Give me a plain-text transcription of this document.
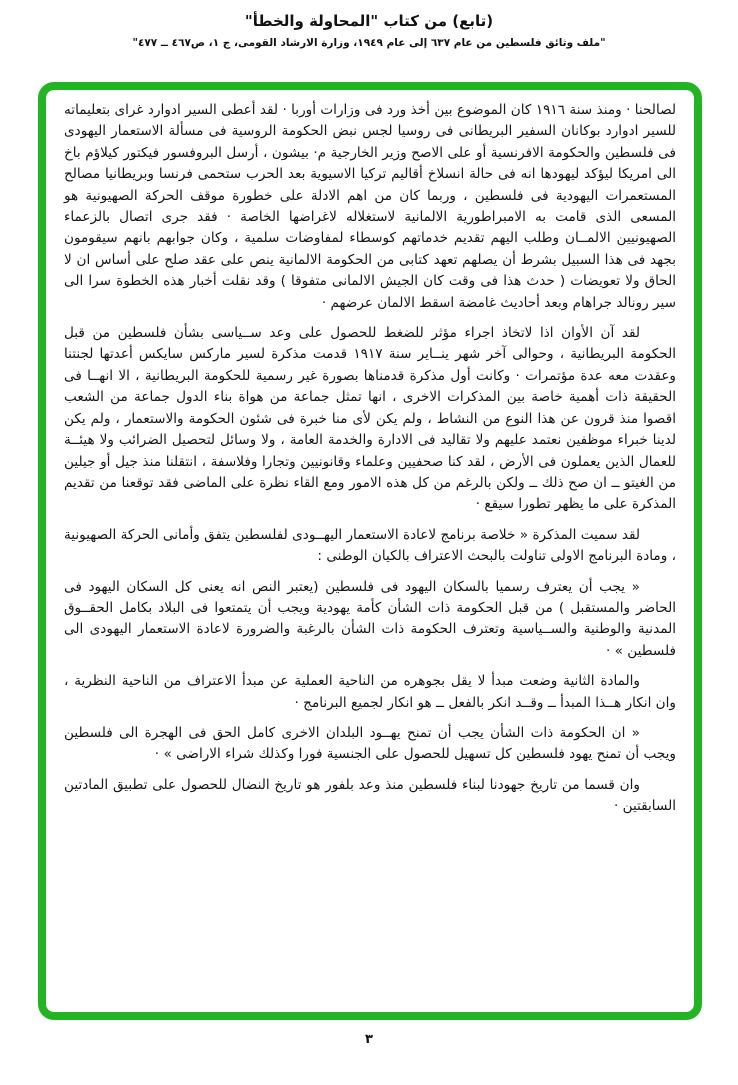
(تابع) من كتاب "المحاولة والخطأ"
"ملف وثائق فلسطين من عام ٦٣٧ إلى عام ١٩٤٩، وزارة الارشاد القومى، ج ١، ص٤٦٧ ــ ٤٧٧"

لصالحنا · ومنذ سنة ١٩١٦ كان الموضوع بين أخذ ورد فى وزارات أوربا · لقد أعطى السير ادوارد غراى بتعليماته للسير ادوارد بوكانان السفير البريطانى فى روسيا لجس نبض الحكومة الروسية فى مسألة الاستعمار اليهودى فى فلسطين والحكومة الافرنسية أو على الاصح وزير الخارجية م· بيشون ، أرسل البروفسور فيكتور كيلاؤم باخ الى امريكا ليؤكد ليهودها انه فى حالة انسلاخ أقاليم تركيا الاسيوية بعد الحرب ستحمى فرنسا وبريطانيا مصالح المستعمرات اليهودية فى فلسطين ، وربما كان من اهم الادلة على خطورة موقف الحركة الصهيونية هو المسعى الذى قامت به الامبراطورية الالمانية لاستغلاله لاغراضها الخاصة · فقد جرى اتصال بالزعماء الصهيونيين الالمــان وطلب اليهم تقديم خدماتهم كوسطاء لمفاوضات سلمية ، وكان جوابهم بانهم سيقومون بجهد فى هذا السبيل بشرط أن يصلهم تعهد كتابى من الحكومة الالمانية ينص على عقد صلح على أساس ان لا الحاق ولا تعويضات ( حدث هذا فى وقت كان الجيش الالمانى متفوقا ) وقد نقلت أخبار هذه الخطوة سرا الى سير رونالد جراهام وبعد أحاديث غامضة اسقط الالمان عرضهم ·

لقد آن الأوان اذا لاتخاذ اجراء مؤثر للضغط للحصول على وعد ســياسى بشأن فلسطين من قبل الحكومة البريطانية ، وحوالى آخر شهر ينــاير سنة ١٩١٧ قدمت مذكرة لسير ماركس سايكس أعدتها لجنتنا وعقدت معه عدة مؤتمرات · وكانت أول مذكرة قدمناها بصورة غير رسمية للحكومة البريطانية ، الا انهــا فى الحقيقة ذات أهمية خاصة بين المذكرات الاخرى ، انها تمثل جماعة من هواة بناء الدول جماعة من الشعب اقصوا منذ قرون عن هذا النوع من النشاط ، ولم يكن لأى منا خبرة فى شئون الحكومة والاستعمار ، ولم يكن لدينا خبراء موظفين نعتمد عليهم ولا تقاليد فى الادارة والخدمة العامة ، ولا وسائل لتحصيل الضرائب ولا هيئــة للعمال الذين يعملون فى الأرض ، لقد كنا صحفيين وعلماء وقانونيين وتجارا وفلاسفة ، انتقلنا منذ جيل أو جيلين من الغيتو ــ ان صح ذلك ــ ولكن بالرغم من كل هذه الامور ومع القاء نظرة على الماضى فقد توقعنا من تقديم المذكرة على ما يظهر تطورا سيقع ·

لقد سميت المذكرة « خلاصة برنامج لاعادة الاستعمار اليهــودى لفلسطين يتفق وأمانى الحركة الصهيونية ، ومادة البرنامج الاولى تناولت بالبحث الاعتراف بالكيان الوطنى :

« يجب أن يعترف رسميا بالسكان اليهود فى فلسطين (يعتبر النص انه يعنى كل السكان اليهود فى الحاضر والمستقبل ) من قبل الحكومة ذات الشأن كأمة يهودية ويجب أن يتمتعوا فى البلاد بكامل الحقــوق المدنية والوطنية والســياسية وتعترف الحكومة ذات الشأن بالرغبة والضرورة لاعادة الاستعمار اليهودى الى فلسطين » ·

والمادة الثانية وضعت مبدأ لا يقل بجوهره من الناحية العملية عن مبدأ الاعتراف من الناحية النظرية ، وان انكار هــذا المبدأ ــ وقــد انكر بالفعل ــ هو انكار لجميع البرنامج ·

« ان الحكومة ذات الشأن يجب أن تمنح يهــود البلدان الاخرى كامل الحق فى الهجرة الى فلسطين ويجب أن تمنح يهود فلسطين كل تسهيل للحصول على الجنسية فورا وكذلك شراء الاراضى » ·

وان قسما من تاريخ جهودنا لبناء فلسطين منذ وعد بلفور هو تاريخ النضال للحصول على تطبيق المادتين السابقتين ·

٣
